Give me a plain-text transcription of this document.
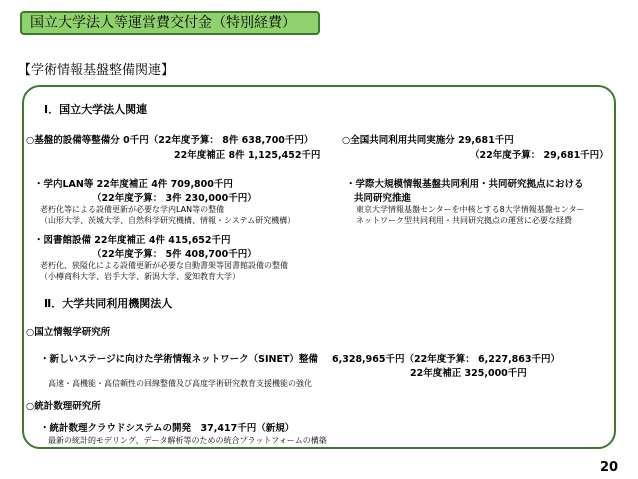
国立大学法人等運営費交付金（特別経費）
【学術情報基盤整備関連】
Ⅰ．国立大学法人関連
○基盤的設備等整備分 0千円（22年度予算： 8件 638,700千円）
22年度補正 8件 1,125,452千円
・学内LAN等 22年度補正 4件 709,800千円
（22年度予算： 3件 230,000千円）
老朽化等による設備更新が必要な学内LAN等の整備
（山形大学、茨城大学、自然科学研究機構、情報・システム研究機構）
・図書館設備 22年度補正 4件 415,652千円
（22年度予算： 5件 408,700千円）
老朽化、狭隘化による設備更新が必要な自動書架等図書館設備の整備
（小樽商科大学、岩手大学、新潟大学、愛知教育大学）
○全国共同利用共同実施分 29,681千円
（22年度予算： 29,681千円）
・学際大規模情報基盤共同利用・共同研究拠点における
共同研究推進
東京大学情報基盤センターを中核とする8大学情報基盤センター
ネットワーク型共同利用・共同研究拠点の運営に必要な経費
Ⅱ．大学共同利用機関法人
○国立情報学研究所
・新しいステージに向けた学術情報ネットワーク（SINET）整備 6,328,965千円（22年度予算： 6,227,863千円）
22年度補正 325,000千円
高速・高機能・高信頼性の回線整備及び高度学術研究教育支援機能の強化
○統計数理研究所
・統計数理クラウドシステムの開発　37,417千円（新規）
最新の統計的モデリング、データ解析等のための統合プラットフォームの構築
20
